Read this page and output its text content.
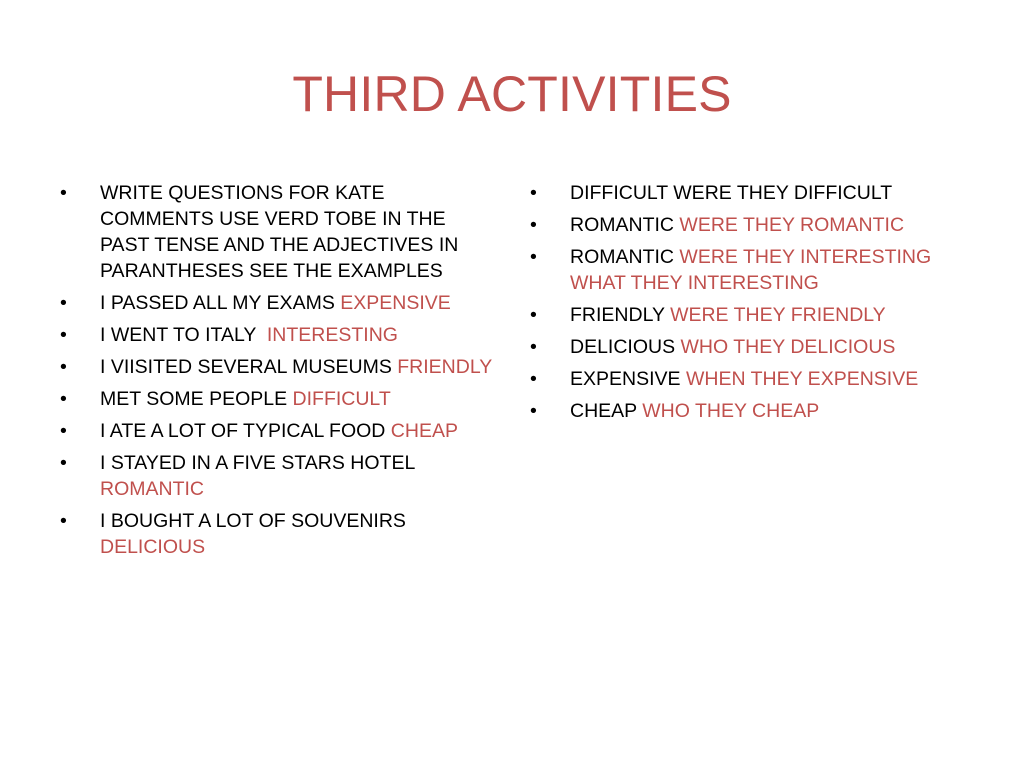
THIRD ACTIVITIES
•	WRITE QUESTIONS FOR KATE COMMENTS USE VERD TOBE IN THE PAST TENSE AND THE ADJECTIVES IN PARANTHESES SEE THE EXAMPLES
•	I PASSED ALL MY EXAMS EXPENSIVE
•	I WENT TO ITALY  INTERESTING
•	I VIISITED SEVERAL MUSEUMS FRIENDLY
•	MET SOME PEOPLE DIFFICULT
•	I ATE A LOT OF TYPICAL FOOD CHEAP
•	I STAYED IN A FIVE STARS HOTEL ROMANTIC
•	I BOUGHT A LOT OF SOUVENIRS DELICIOUS
•	DIFFICULT WERE THEY DIFFICULT
•	ROMANTIC WERE THEY ROMANTIC
•	ROMANTIC WERE THEY INTERESTING WHAT THEY INTERESTING
•	FRIENDLY WERE THEY FRIENDLY
•	DELICIOUS WHO THEY DELICIOUS
•	EXPENSIVE WHEN THEY EXPENSIVE
•	CHEAP WHO THEY CHEAP
